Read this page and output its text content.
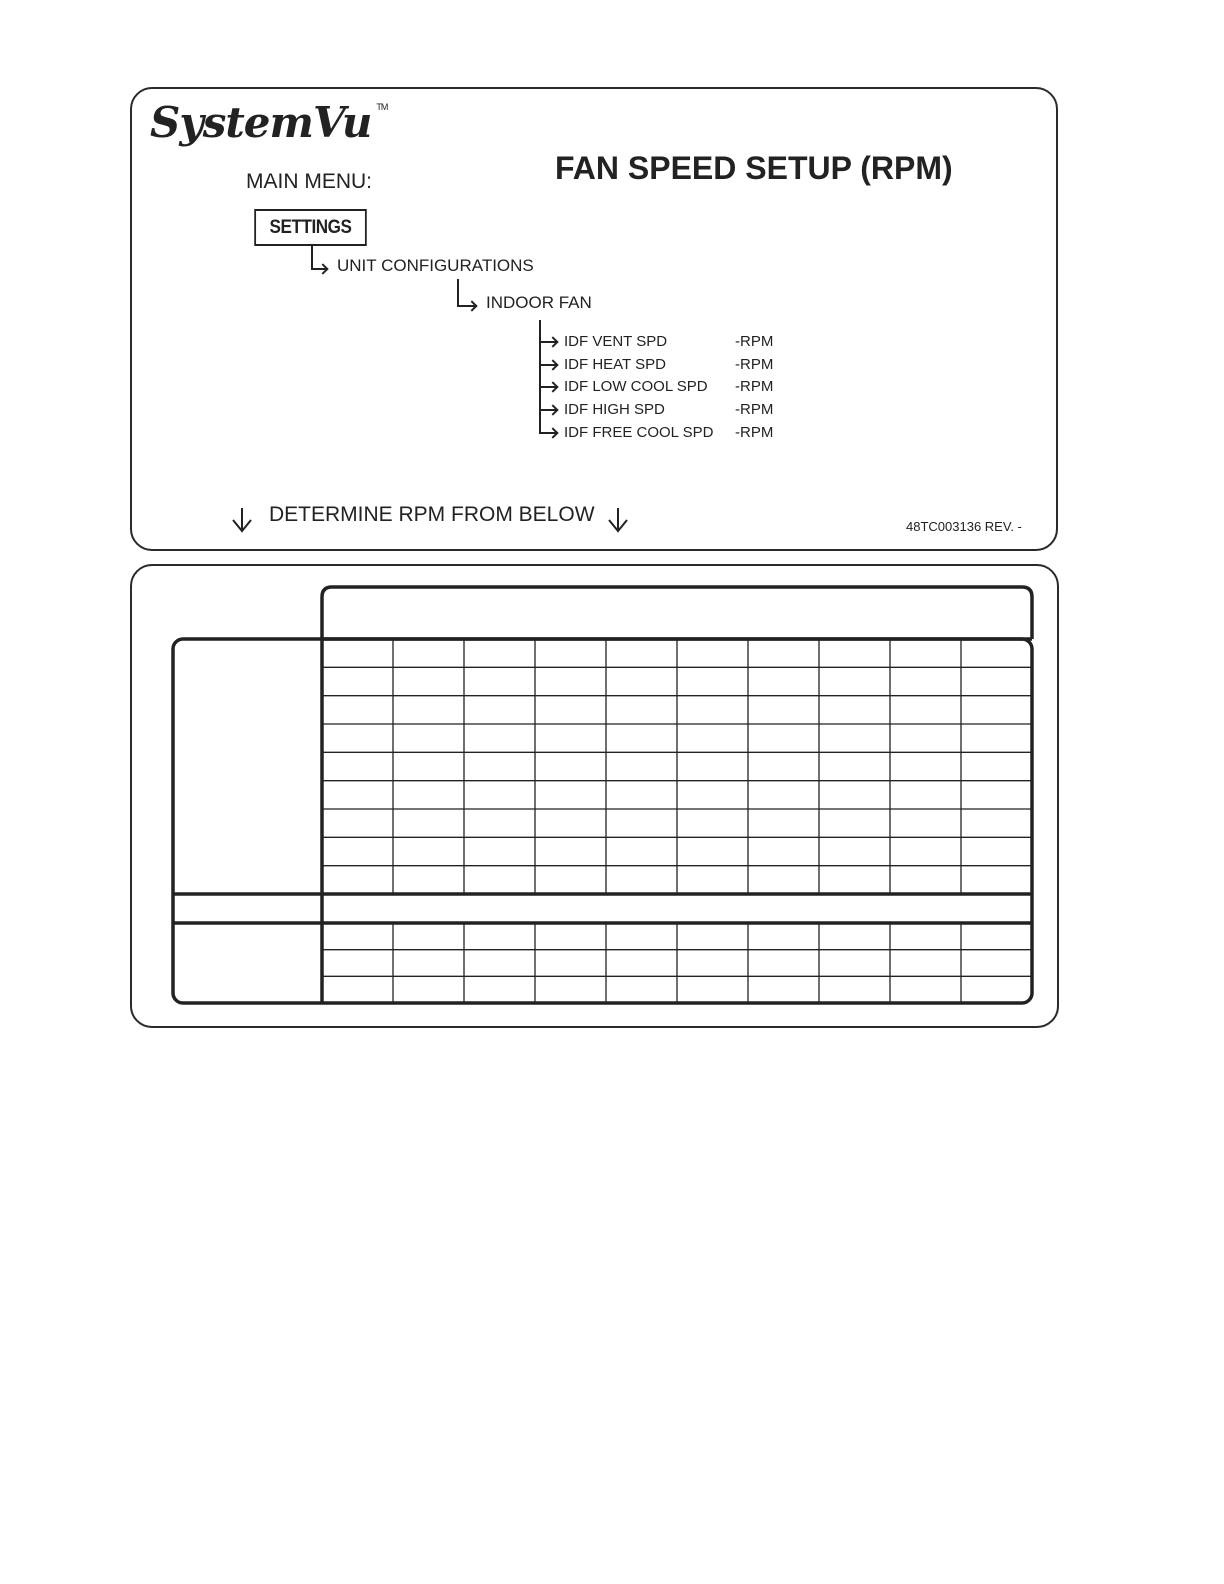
SystemVu TM
FAN SPEED SETUP (RPM)
MAIN MENU:
SETTINGS
UNIT CONFIGURATIONS
INDOOR FAN
IDF VENT SPD	-RPM
IDF HEAT SPD	-RPM
IDF LOW COOL SPD -RPM
IDF HIGH SPD	-RPM
IDF FREE COOL SPD -RPM
DETERMINE RPM FROM BELOW
48TC003136 REV. -
